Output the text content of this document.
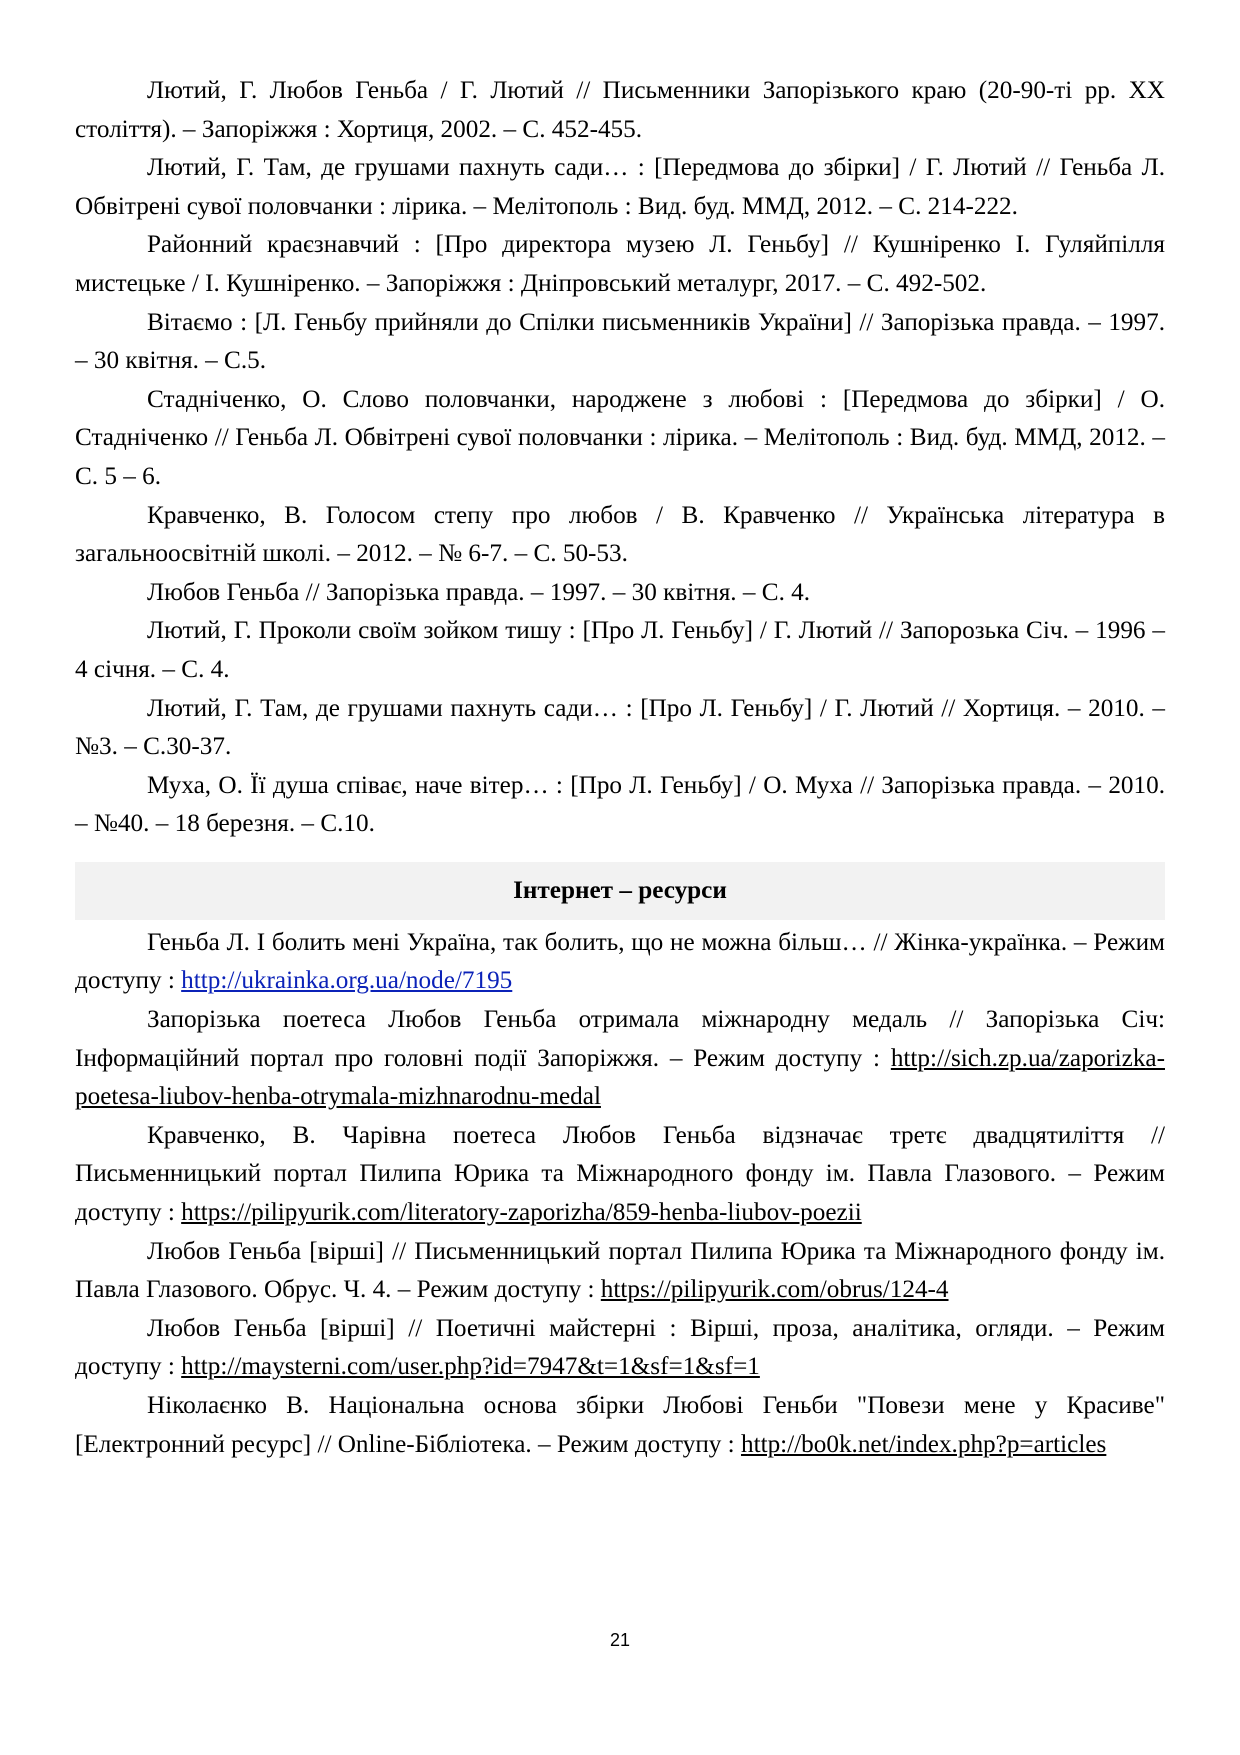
Лютий, Г. Любов Геньба / Г. Лютий // Письменники Запорізького краю (20-90-ті рр. XX століття). – Запоріжжя : Хортиця, 2002. – С. 452-455.

Лютий, Г. Там, де грушами пахнуть сади… : [Передмова до збірки] / Г. Лютий // Геньба Л. Обвітрені сувої половчанки : лірика. – Мелітополь : Вид. буд. ММД, 2012. – С. 214-222.

Районний краєзнавчий : [Про директора музею Л. Геньбу] // Кушніренко І. Гуляйпілля мистецьке / І. Кушніренко. – Запоріжжя : Дніпровський металург, 2017. – С. 492-502.

Вітаємо : [Л. Геньбу прийняли до Спілки письменників України] // Запорізька правда. – 1997. – 30 квітня. – С.5.

Стадніченко, О. Слово половчанки, народжене з любові : [Передмова до збірки] / О. Стадніченко // Геньба Л. Обвітрені сувої половчанки : лірика. – Мелітополь : Вид. буд. ММД, 2012. – С. 5 – 6.

Кравченко, В. Голосом степу про любов / В. Кравченко // Українська література в загальноосвітній школі. – 2012. – № 6-7. – С. 50-53.

Любов Геньба // Запорізька правда. – 1997. – 30 квітня. – С. 4.

Лютий, Г. Проколи своїм зойком тишу : [Про Л. Геньбу] / Г. Лютий // Запорозька Січ. – 1996 – 4 січня. – С. 4.

Лютий, Г. Там, де грушами пахнуть сади… : [Про Л. Геньбу] / Г. Лютий // Хортиця. – 2010. – №3. – С.30-37.

Муха, О. Її душа співає, наче вітер… : [Про Л. Геньбу] / О. Муха // Запорізька правда. – 2010. – №40. – 18 березня. – С.10.

Інтернет – ресурси

Геньба Л. І болить мені Україна, так болить, що не можна більш… // Жінка-українка. – Режим доступу : http://ukrainka.org.ua/node/7195

Запорізька поетеса Любов Геньба отримала міжнародну медаль // Запорізька Січ: Інформаційний портал про головні події Запоріжжя. – Режим доступу : http://sich.zp.ua/zaporizka-poetesa-liubov-henba-otrymala-mizhnarodnu-medal

Кравченко, В. Чарівна поетеса Любов Геньба відзначає третє двадцятиліття // Письменницький портал Пилипа Юрика та Міжнародного фонду ім. Павла Глазового. – Режим доступу : https://pilipyurik.com/literatory-zaporizha/859-henba-liubov-poezii

Любов Геньба [вірші] // Письменницький портал Пилипа Юрика та Міжнародного фонду ім. Павла Глазового. Обрус. Ч. 4. – Режим доступу : https://pilipyurik.com/obrus/124-4

Любов Геньба [вірші] // Поетичні майстерні : Вірші, проза, аналітика, огляди. – Режим доступу : http://maysterni.com/user.php?id=7947&t=1&sf=1&sf=1

Ніколаєнко В. Національна основа збірки Любові Геньби "Повези мене у Красиве" [Електронний ресурс] // Online-Бібліотека. – Режим доступу : http://bo0k.net/index.php?p=articles

21
